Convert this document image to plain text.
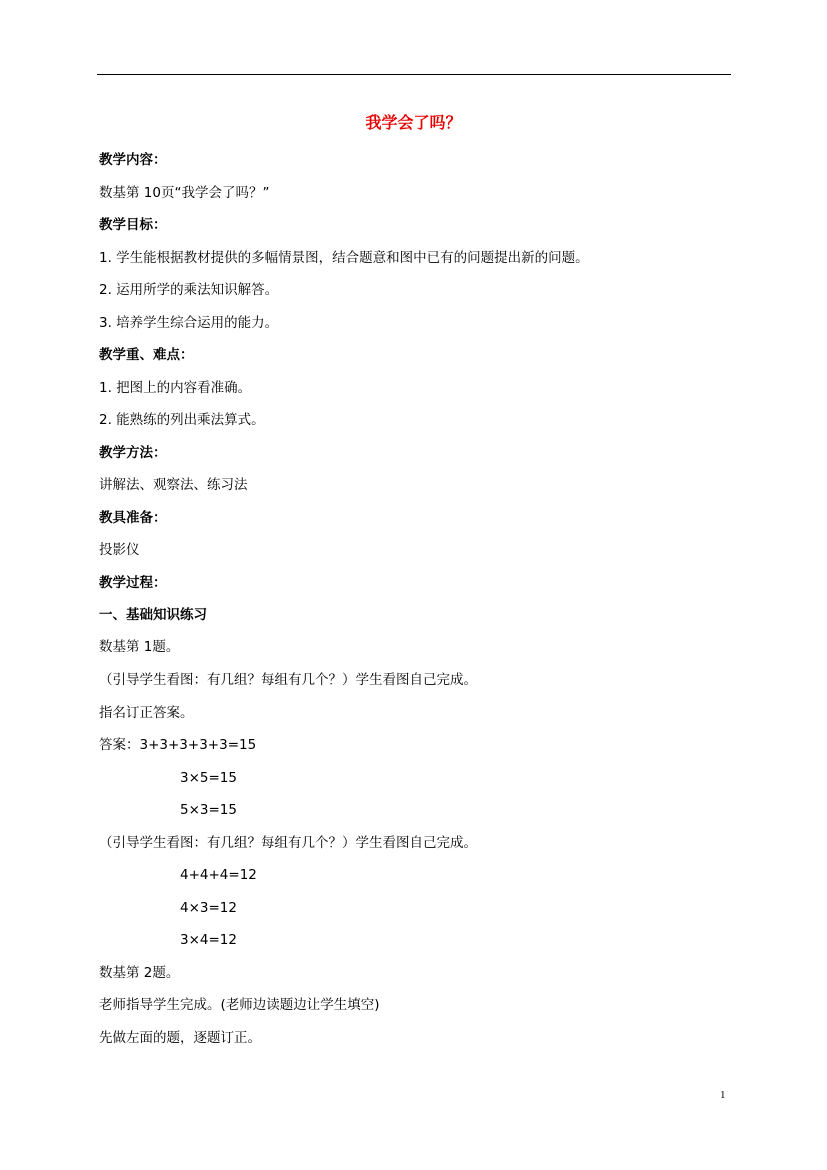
我学会了吗？
教学内容：
数基第 10页“我学会了吗？”
教学目标：
1. 学生能根据教材提供的多幅情景图，结合题意和图中已有的问题提出新的问题。
2. 运用所学的乘法知识解答。
3. 培养学生综合运用的能力。
教学重、难点：
1. 把图上的内容看准确。
2. 能熟练的列出乘法算式。
教学方法：
讲解法、观察法、练习法
教具准备：
投影仪
教学过程：
一、基础知识练习
数基第 1题。
（引导学生看图：有几组？每组有几个？）学生看图自己完成。
指名订正答案。
答案：3+3+3+3+3=15
3×5=15
5×3=15
（引导学生看图：有几组？每组有几个？）学生看图自己完成。
4+4+4=12
4×3=12
3×4=12
数基第 2题。
老师指导学生完成。(老师边读题边让学生填空)
先做左面的题，逐题订正。
1
